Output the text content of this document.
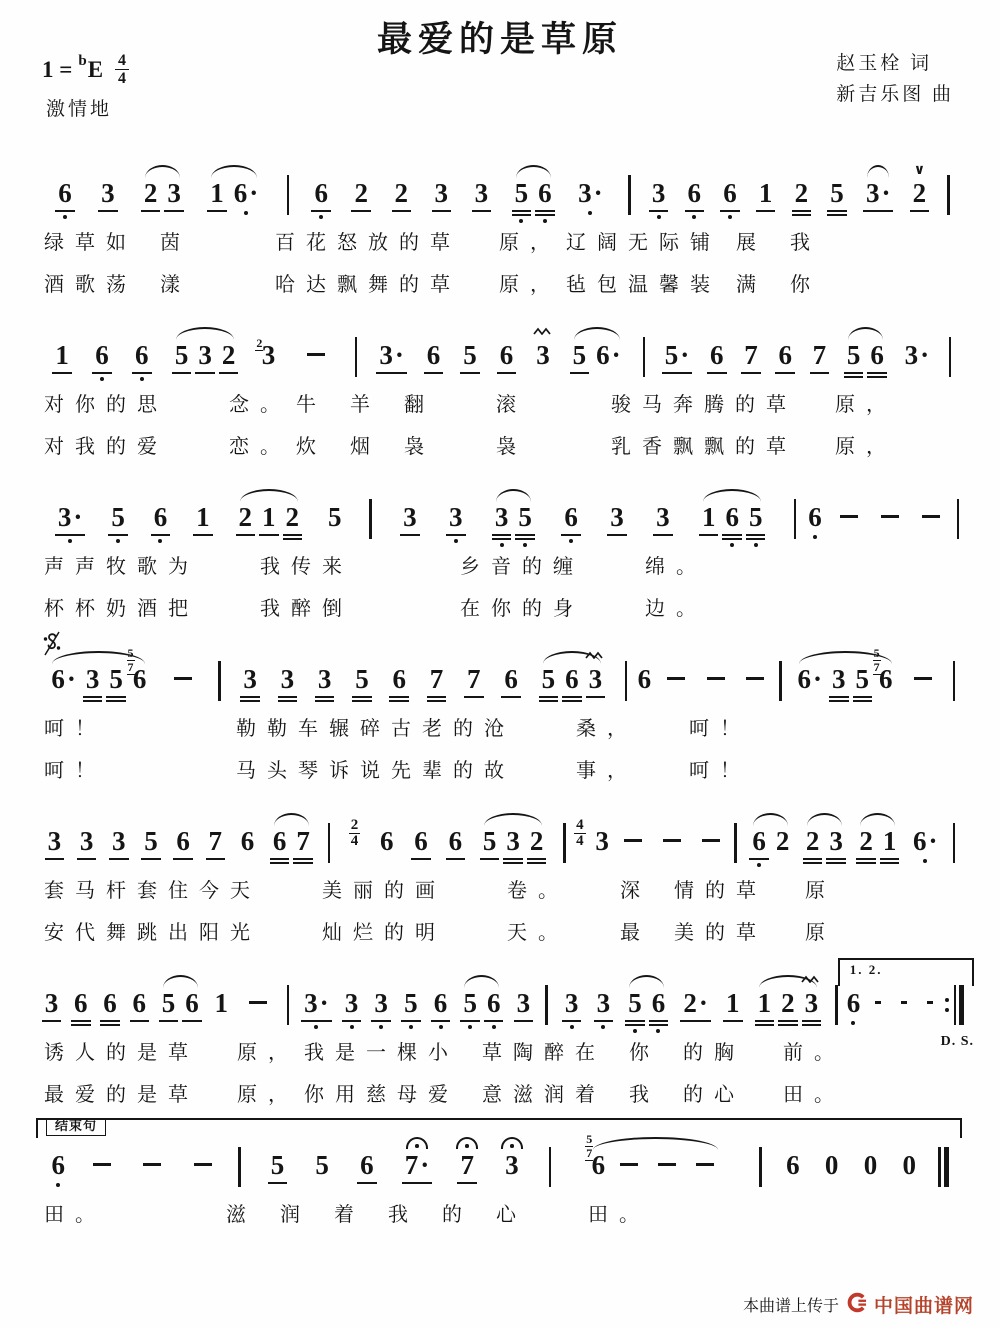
最爱的是草原
1 = b E $\frac{4}{4}$
激情地
赵玉栓 词
新吉乐图 曲
6 3 2 3 1 6· 6 2 2 3 3 5 6 3· 3 6 6 1 2 5 3· 2
∨
绿 草 如　 茵　　　　百 花 怒 放 的 草　　原 ，　辽 阔 无 际 铺　展　 我
酒 歌 荡　 漾　　　　哈 达 飘 舞 的 草　　原 ，　毡 包 温 馨 装　满　 你
1 6 6 5 3 2 2 3	3· 6 5 6 3 5 6· 5· 6 7 6 7 5 6 3·
对 你 的 思　　　念 。　牛　 羊　 翻　　　滚　　　　骏 马 奔 腾 的 草　　原 ，
对 我 的 爱　　　恋 。　炊　 烟　 袅　　　袅　　　　乳 香 飘 飘 的 草　　原 ，
3· 5 6 1 2 1 2 5 3 3 3 5 6 3 3 1 6 5 6
声 声 牧 歌 为　　　我 传 来　　　　　乡 音 的 缠　　　绵 。
杯 杯 奶 酒 把　　　我 醉 倒　　　　　在 你 的 身　　　边 。
6· 3 5
5
7 6	3 3 3 5 6 7 7 6 5 6 3 6	6· 3 5
5
7 6
呵 ！　　　　　　勒 勒 车 辗 碎 古 老 的 沧　　　桑 ，　　　呵 ！
呵 ！　　　　　　马 头 琴 诉 说 先 辈 的 故　　　事 ，　　　呵 ！
3 3 3 5 6 7 6 6 7
2
4 6 6 6 5 3 2
4
4 3	6 2 2 3 2 1 6·
套 马 杆 套 住 今 天　　　美 丽 的 画　　　卷 。　　　深　 情 的 草　　原
安 代 舞 跳 出 阳 光　　　灿 烂 的 明　　　天 。　　　最　 美 的 草　　原
3 6 6 6 5 6 1	3· 3 3 5 6 5 6 3 3 3 5 6 2· 1 1 2 3
1. 2.
D. S.
6
诱 人 的 是 草　　原 ，　我 是 一 棵 小　 草 陶 醉 在　 你　 的 胸　　前 。
最 爱 的 是 草　　原 ，　你 用 慈 母 爱　 意 滋 润 着　 我　 的 心　　田 。
结束句
6	5 5 6 7· 7 3
5
7 6	6 0 0 0
田 。　　　　　　滋　 润　 着　 我　 的　 心　　　田 。
本曲谱上传于 中国曲谱网
